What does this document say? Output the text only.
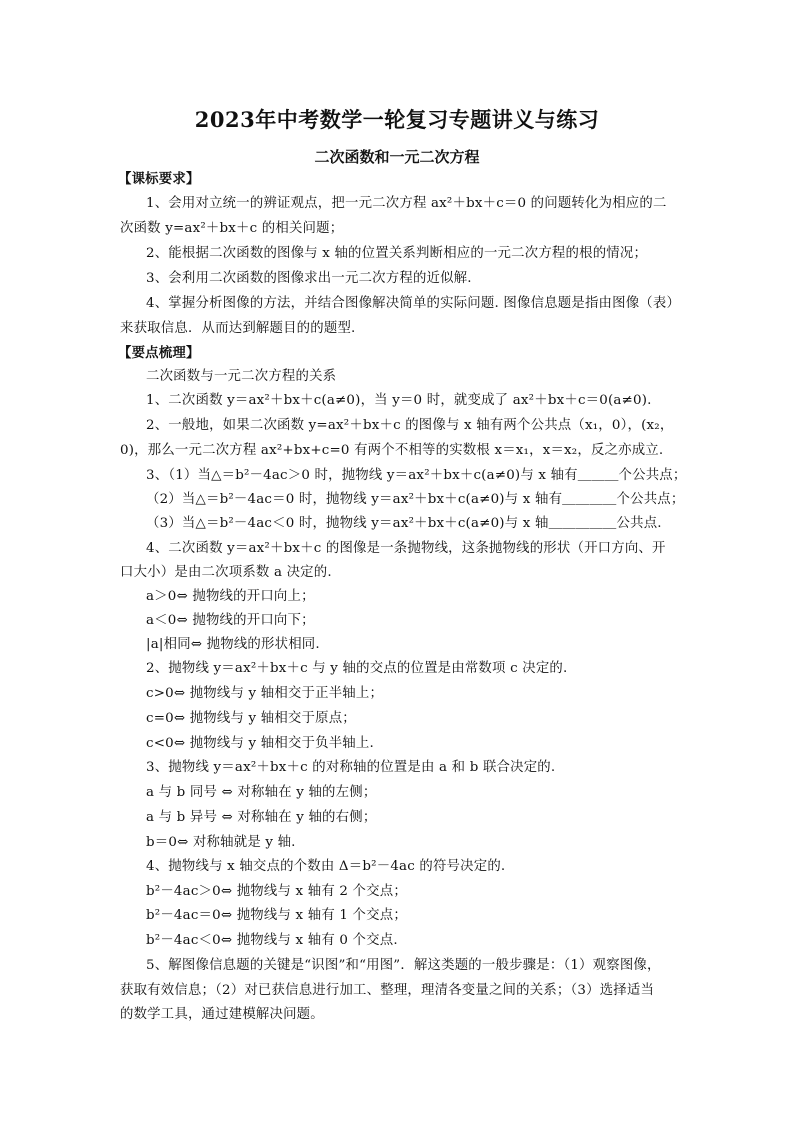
2023年中考数学一轮复习专题讲义与练习
二次函数和一元二次方程
【课标要求】
1、会用对立统一的辨证观点，把一元二次方程 ax²＋bx＋c＝0 的问题转化为相应的二
次函数 y=ax²＋bx＋c 的相关问题；
2、能根据二次函数的图像与 x 轴的位置关系判断相应的一元二次方程的根的情况；
3、会利用二次函数的图像求出一元二次方程的近似解.
4、掌握分析图像的方法，并结合图像解决简单的实际问题. 图像信息题是指由图像（表）
来获取信息．从而达到解题目的的题型.
【要点梳理】
二次函数与一元二次方程的关系
1、二次函数 y＝ax²＋bx＋c(a≠0)，当 y＝0 时，就变成了 ax²＋bx＋c＝0(a≠0).
2、一般地，如果二次函数 y=ax²＋bx＋c 的图像与 x 轴有两个公共点（x₁，0），(x₂，
0)，那么一元二次方程 ax²+bx+c=0 有两个不相等的实数根 x＝x₁，x＝x₂，反之亦成立.
3、（1）当△＝b²－4ac＞0 时，抛物线 y＝ax²＋bx＋c(a≠0)与 x 轴有＿＿＿个公共点；
（2）当△＝b²－4ac＝0 时，抛物线 y＝ax²＋bx＋c(a≠0)与 x 轴有＿＿＿＿个公共点；
（3）当△＝b²－4ac＜0 时，抛物线 y＝ax²＋bx＋c(a≠0)与 x 轴＿＿＿＿＿公共点.
4、二次函数 y＝ax²＋bx＋c 的图像是一条抛物线，这条抛物线的形状（开口方向、开
口大小）是由二次项系数 a 决定的.
a＞0⇔ 抛物线的开口向上；
a＜0⇔ 抛物线的开口向下；
|a|相同⇔ 抛物线的形状相同.
2、抛物线 y＝ax²＋bx＋c 与 y 轴的交点的位置是由常数项 c 决定的.
c>0⇔ 抛物线与 y 轴相交于正半轴上；
c=0⇔ 抛物线与 y 轴相交于原点；
c<0⇔ 抛物线与 y 轴相交于负半轴上.
3、抛物线 y＝ax²＋bx＋c 的对称轴的位置是由 a 和 b 联合决定的.
a 与 b 同号 ⇔ 对称轴在 y 轴的左侧；
a 与 b 异号 ⇔ 对称轴在 y 轴的右侧；
b＝0⇔ 对称轴就是 y 轴.
4、抛物线与 x 轴交点的个数由 Δ＝b²－4ac 的符号决定的.
b²－4ac＞0⇔ 抛物线与 x 轴有 2 个交点；
b²－4ac＝0⇔ 抛物线与 x 轴有 1 个交点；
b²－4ac＜0⇔ 抛物线与 x 轴有 0 个交点.
5、解图像信息题的关键是“识图”和“用图”．解这类题的一般步骤是：（1）观察图像，
获取有效信息；（2）对已获信息进行加工、整理，理清各变量之间的关系；（3）选择适当
的数学工具，通过建模解决问题。
